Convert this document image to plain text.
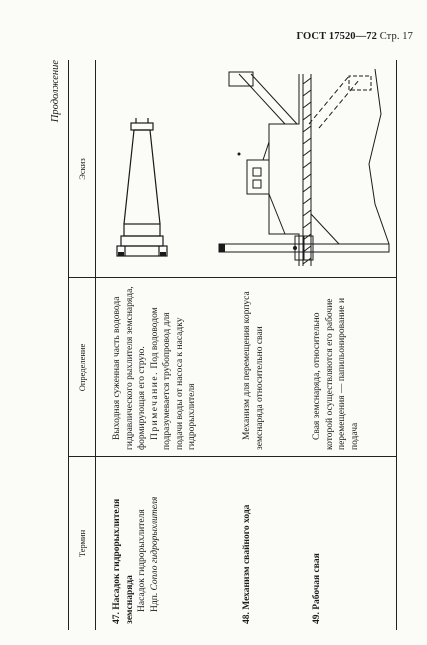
ГОСТ 17520—72 Стр. 17
Продолжение
Термин
Определение
Эскиз
47. Насадок гидрорыхлителя земснаряда Насадок гидрорыхлителя Ндп. Сопло гидрорыхлителя

Выходная суженная часть водовода гидравлического рыхлителя земснаряда, формирующая его струю. Примечание. Под водоводом подразумевается трубопровод для подачи воды от насоса к насадку гидрорыхлителя

48. Механизм свайного хода

Механизм для перемещения корпуса земснаряда относительно сваи

49. Рабочая свая

Свая земснаряда, относительно которой осуществляются его рабочие перемещения — папильонирование и подача
